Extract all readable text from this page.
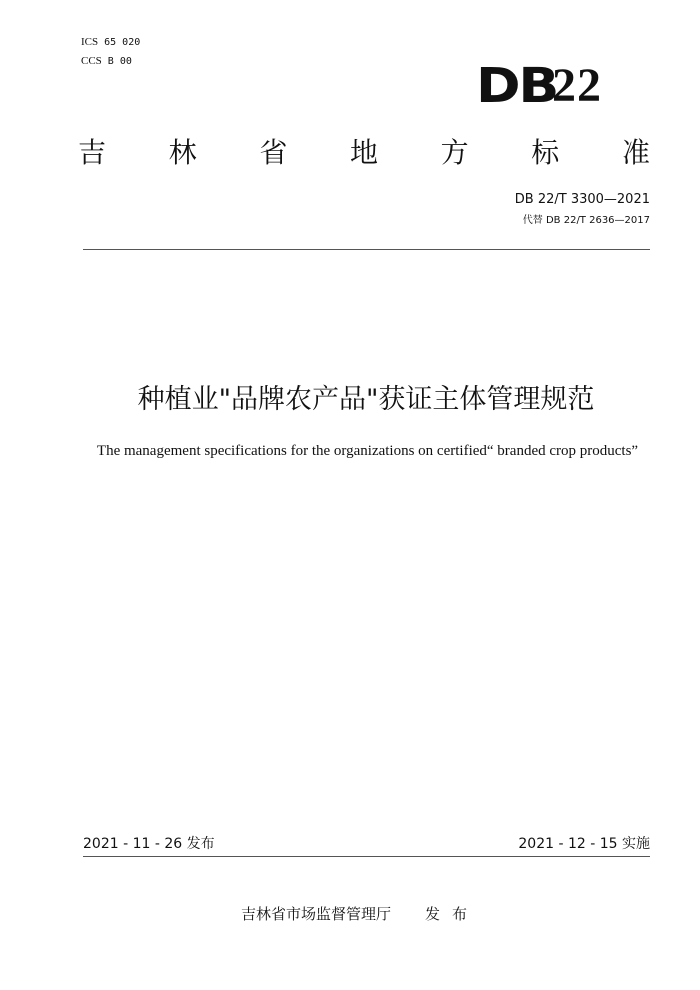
ICS 65 020
CCS B 00	DB
22
吉 林 省 地 方 标 准
DB 22/T 3300—2021
代替 DB 22/T 2636—2017
种植业"品牌农产品"获证主体管理规范
The management specifications for the organizations on certified“ branded crop products”
2021 - 11 - 26 发布	2021 - 12 - 15 实施
吉林省市场监督管理厅 发布
